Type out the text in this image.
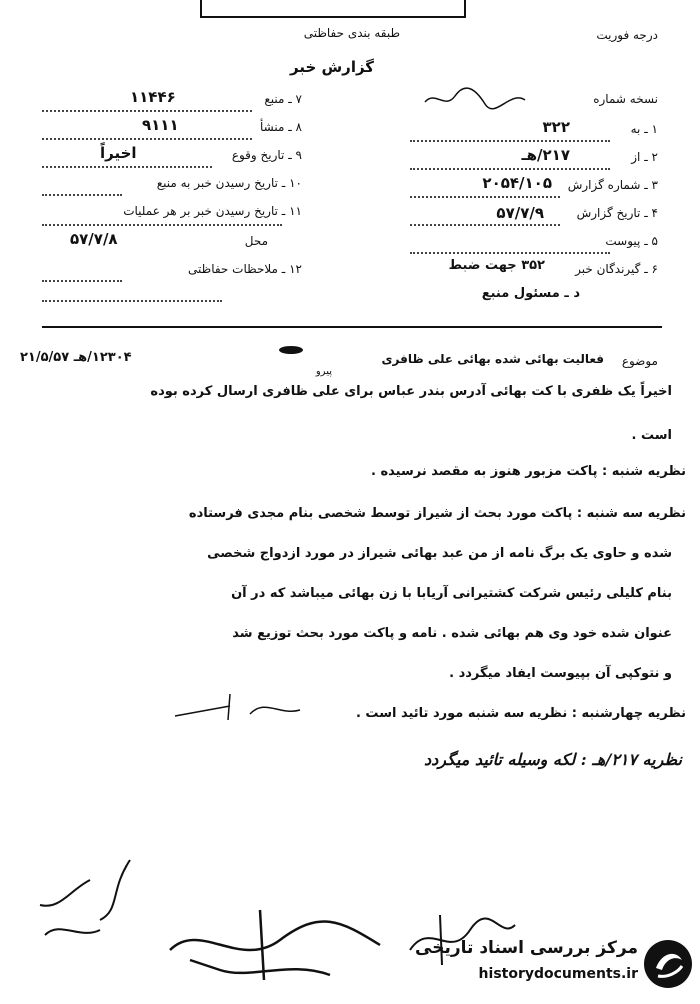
درجه فوریت
طبقه بندی حفاظتی
گزارش خبر
نسخه شماره
۱ ـ به
۳۲۲
۲ ـ از
۲۱۷/هـ
۳ ـ شماره گزارش
۲۰۵۴/۱۰۵
۴ ـ تاریخ گزارش
۵۷/۷/۹
۵ ـ پیوست
۶ ـ گیرندگان خبر
۳۵۲ جهت ضبط
د ـ مسئول منبع
۷ ـ منبع
۱۱۴۴۶
۸ ـ منشأ
۹۱۱۱
۹ ـ تاریخ وقوع
اخیراً
۱۰ ـ تاریخ رسیدن خبر به منبع
۱۱ ـ تاریخ رسیدن خبر بر هر عملیات
محل
۵۷/۷/۸
۱۲ ـ ملاحظات حفاظتی
موضوع
فعالیت بهائی شده بهائی علی ظافری
پیرو
۱۲۳۰۴/هـ ۲۱/۵/۵۷
اخیراً یک ظفری با کت بهائی آدرس بندر عباس برای علی ظافری ارسال کرده بوده
است .
نظریه شنبه : پاکت مزبور هنوز به مقصد نرسیده .
نظریه سه شنبه : پاکت مورد بحث از شیراز توسط شخصی بنام مجدی فرستاده
شده و حاوی یک برگ نامه از من عبد بهائی شیراز در مورد ازدواج شخصی
بنام کلیلی رئیس شرکت کشتیرانی آریابا با زن بهائی میباشد که در آن
عنوان شده خود وی هم بهائی شده . نامه و پاکت مورد بحث توزیع شد
و نتوکپی آن بپیوست ایفاد میگردد .
نظریه چهارشنبه : نظریه سه شنبه مورد تائید است .
نظریه ۲۱۷/هـ : لکه وسیله تائید میگردد
مرکز بررسی اسناد تاریخی
historydocuments.ir
